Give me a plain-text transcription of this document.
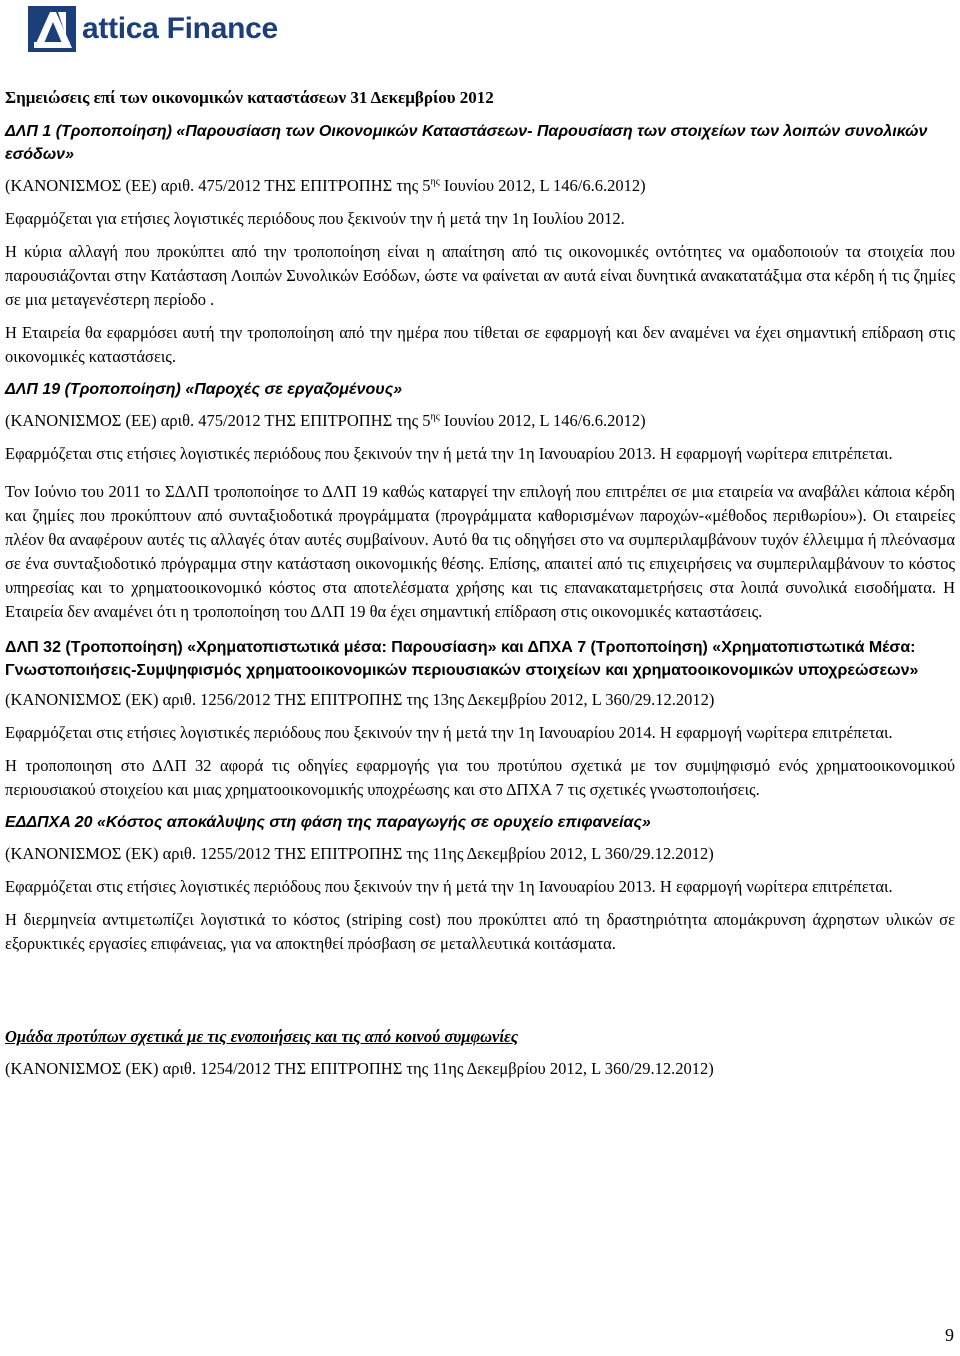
attica Finance
Σημειώσεις επί των οικονομικών καταστάσεων 31 Δεκεμβρίου 2012
ΔΛΠ 1 (Τροποποίηση) «Παρουσίαση των Οικονομικών Καταστάσεων- Παρουσίαση των στοιχείων των λοιπών συνολικών εσόδων»

(ΚΑΝΟΝΙΣΜΟΣ (ΕΕ) αριθ. 475/2012 ΤΗΣ ΕΠΙΤΡΟΠΗΣ της $5^{\eta\varsigma}$ Ιουνίου 2012, L 146/6.6.2012)

Εφαρμόζεται για ετήσιες λογιστικές περιόδους που ξεκινούν την ή μετά την 1η Ιουλίου 2012.

Η κύρια αλλαγή που προκύπτει από την τροποποίηση είναι η απαίτηση από τις οικονομικές οντότητες να ομαδοποιούν τα στοιχεία που παρουσιάζονται στην Κατάσταση Λοιπών Συνολικών Εσόδων, ώστε να φαίνεται αν αυτά είναι δυνητικά ανακατατάξιμα στα κέρδη ή τις ζημίες σε μια μεταγενέστερη περίοδο .

Η Εταιρεία θα εφαρμόσει αυτή την τροποποίηση από την ημέρα που τίθεται σε εφαρμογή και δεν αναμένει να έχει σημαντική επίδραση στις οικονομικές καταστάσεις.

ΔΛΠ 19 (Τροποποίηση) «Παροχές σε εργαζομένους»

(ΚΑΝΟΝΙΣΜΟΣ (ΕΕ) αριθ. 475/2012 ΤΗΣ ΕΠΙΤΡΟΠΗΣ της $5^{\eta\varsigma}$ Ιουνίου 2012, L 146/6.6.2012)

Εφαρμόζεται στις ετήσιες λογιστικές περιόδους που ξεκινούν την ή μετά την 1η Ιανουαρίου 2013. Η εφαρμογή νωρίτερα επιτρέπεται.

Τον Ιούνιο του 2011 το ΣΔΛΠ τροποποίησε το ΔΛΠ 19 καθώς καταργεί την επιλογή που επιτρέπει σε μια εταιρεία να αναβάλει κάποια κέρδη και ζημίες που προκύπτουν από συνταξιοδοτικά προγράμματα (προγράμματα καθορισμένων παροχών-«μέθοδος περιθωρίου»). Οι εταιρείες πλέον θα αναφέρουν αυτές τις αλλαγές όταν αυτές συμβαίνουν. Αυτό θα τις οδηγήσει στο να συμπεριλαμβάνουν τυχόν έλλειμμα ή πλεόνασμα σε ένα συνταξιοδοτικό πρόγραμμα στην κατάσταση οικονομικής θέσης. Επίσης, απαιτεί από τις επιχειρήσεις να συμπεριλαμβάνουν το κόστος υπηρεσίας και το χρηματοοικονομικό κόστος στα αποτελέσματα χρήσης και τις επανακαταμετρήσεις στα λοιπά συνολικά εισοδήματα. Η Εταιρεία δεν αναμένει ότι η τροποποίηση του ΔΛΠ 19 θα έχει σημαντική επίδραση στις οικονομικές καταστάσεις.

ΔΛΠ 32 (Τροποποίηση) «Χρηματοπιστωτικά μέσα: Παρουσίαση» και ΔΠΧΑ 7 (Τροποποίηση) «Χρηματοπιστωτικά Μέσα: Γνωστοποιήσεις-Συμψηφισμός χρηματοοικονομικών περιουσιακών στοιχείων και χρηματοοικονομικών υποχρεώσεων»

(ΚΑΝΟΝΙΣΜΟΣ (ΕΚ) αριθ. 1256/2012 ΤΗΣ ΕΠΙΤΡΟΠΗΣ της 13ης Δεκεμβρίου 2012, L 360/29.12.2012)

Εφαρμόζεται στις ετήσιες λογιστικές περιόδους που ξεκινούν την ή μετά την 1η Ιανουαρίου 2014. Η εφαρμογή νωρίτερα επιτρέπεται.

Η τροποποιηση στο ΔΛΠ 32 αφορά τις οδηγίες εφαρμογής για του προτύπου σχετικά με τον συμψηφισμό ενός χρηματοοικονομικού περιουσιακού στοιχείου και μιας χρηματοοικονομικής υποχρέωσης και στο ΔΠΧΑ 7 τις σχετικές γνωστοποιήσεις.

ΕΔΔΠΧΑ 20 «Κόστος αποκάλυψης στη φάση της παραγωγής σε ορυχείο επιφανείας»

(ΚΑΝΟΝΙΣΜΟΣ (ΕΚ) αριθ. 1255/2012 ΤΗΣ ΕΠΙΤΡΟΠΗΣ της 11ης Δεκεμβρίου 2012, L 360/29.12.2012)

Εφαρμόζεται στις ετήσιες λογιστικές περιόδους που ξεκινούν την ή μετά την 1η Ιανουαρίου 2013. Η εφαρμογή νωρίτερα επιτρέπεται.

Η διερμηνεία αντιμετωπίζει λογιστικά το κόστος (striping cost) που προκύπτει από τη δραστηριότητα απομάκρυνση άχρηστων υλικών σε εξορυκτικές εργασίες επιφάνειας, για να αποκτηθεί πρόσβαση σε μεταλλευτικά κοιτάσματα.

Ομάδα προτύπων σχετικά με τις ενοποιήσεις και τις από κοινού συμφωνίες

(ΚΑΝΟΝΙΣΜΟΣ (ΕΚ) αριθ. 1254/2012 ΤΗΣ ΕΠΙΤΡΟΠΗΣ της 11ης Δεκεμβρίου 2012, L 360/29.12.2012)

9
